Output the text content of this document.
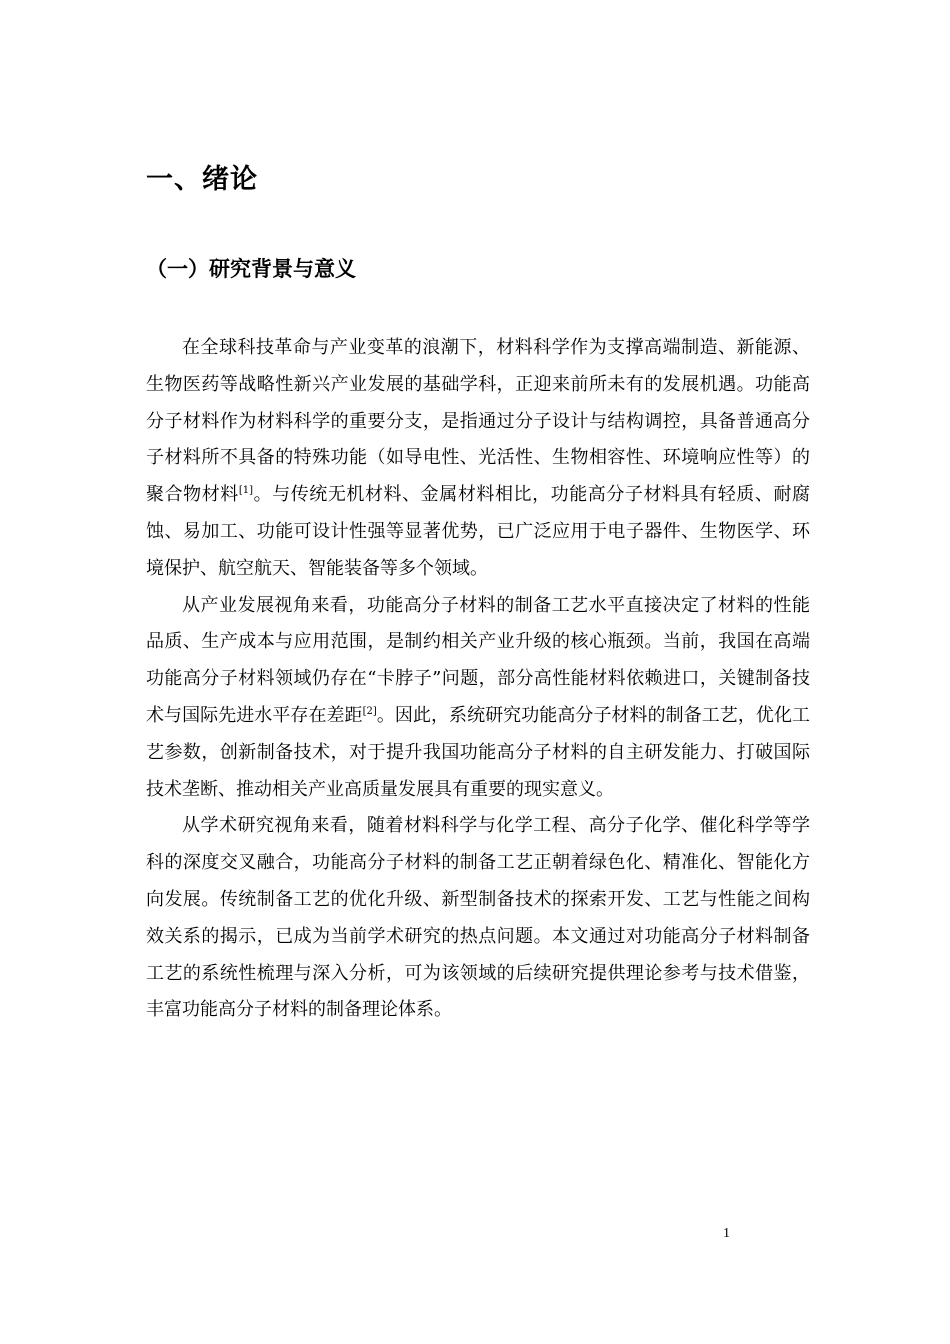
一、绪论
（一）研究背景与意义

在全球科技革命与产业变革的浪潮下，材料科学作为支撑高端制造、新能源、生物医药等战略性新兴产业发展的基础学科，正迎来前所未有的发展机遇。功能高分子材料作为材料科学的重要分支，是指通过分子设计与结构调控，具备普通高分子材料所不具备的特殊功能（如导电性、光活性、生物相容性、环境响应性等）的聚合物材料[1]。与传统无机材料、金属材料相比，功能高分子材料具有轻质、耐腐蚀、易加工、功能可设计性强等显著优势，已广泛应用于电子器件、生物医学、环境保护、航空航天、智能装备等多个领域。

从产业发展视角来看，功能高分子材料的制备工艺水平直接决定了材料的性能品质、生产成本与应用范围，是制约相关产业升级的核心瓶颈。当前，我国在高端功能高分子材料领域仍存在“卡脖子”问题，部分高性能材料依赖进口，关键制备技术与国际先进水平存在差距[2]。因此，系统研究功能高分子材料的制备工艺，优化工艺参数，创新制备技术，对于提升我国功能高分子材料的自主研发能力、打破国际技术垄断、推动相关产业高质量发展具有重要的现实意义。

从学术研究视角来看，随着材料科学与化学工程、高分子化学、催化科学等学科的深度交叉融合，功能高分子材料的制备工艺正朝着绿色化、精准化、智能化方向发展。传统制备工艺的优化升级、新型制备技术的探索开发、工艺与性能之间构效关系的揭示，已成为当前学术研究的热点问题。本文通过对功能高分子材料制备工艺的系统性梳理与深入分析，可为该领域的后续研究提供理论参考与技术借鉴，丰富功能高分子材料的制备理论体系。

1
